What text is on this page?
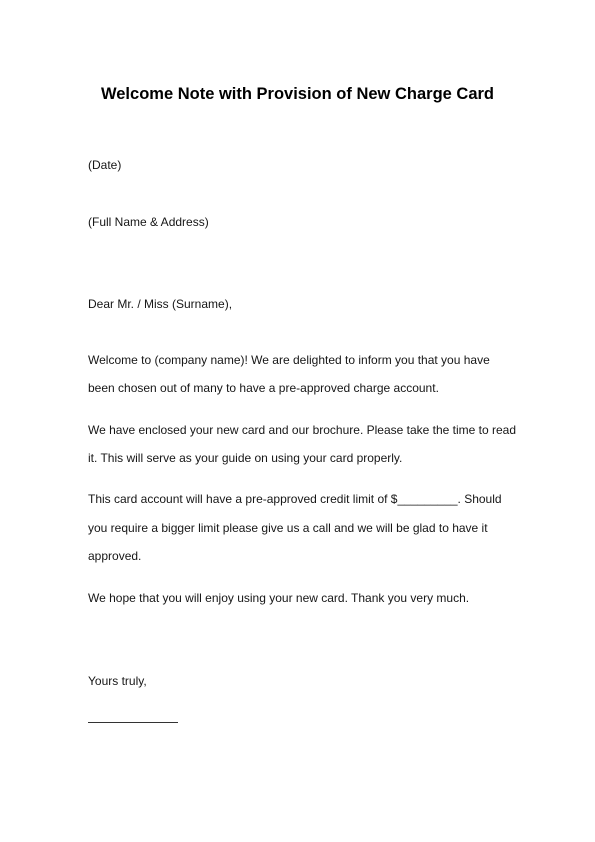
Welcome Note with Provision of New Charge Card
(Date)
(Full Name & Address)
Dear Mr. / Miss (Surname),
Welcome to (company name)! We are delighted to inform you that you have
been chosen out of many to have a pre-approved charge account.
We have enclosed your new card and our brochure. Please take the time to read
it. This will serve as your guide on using your card properly.
This card account will have a pre-approved credit limit of $_________. Should
you require a bigger limit please give us a call and we will be glad to have it
approved.
We hope that you will enjoy using your new card. Thank you very much.
Yours truly,
